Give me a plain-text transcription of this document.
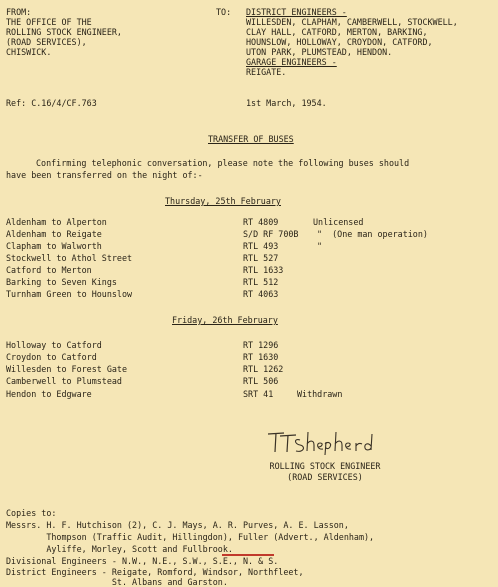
FROM:
THE OFFICE OF THE
ROLLING STOCK ENGINEER,
(ROAD SERVICES),
CHISWICK.
TO: DISTRICT ENGINEERS -
WILLESDEN, CLAPHAM, CAMBERWELL, STOCKWELL,
CLAY HALL, CATFORD, MERTON, BARKING,
HOUNSLOW, HOLLOWAY, CROYDON, CATFORD,
UTON PARK, PLUMSTEAD, HENDON.
GARAGE ENGINEERS -
REIGATE.
Ref: C.16/4/CF.763	1st March, 1954.
TRANSFER OF BUSES
Confirming telephonic conversation, please note the following buses should
have been transferred on the night of:-
Thursday, 25th February
Aldenham to Alperton	RT 4809	Unlicensed
Aldenham to Reigate	S/D RF 700B "  (One man operation)
Clapham to Walworth	RTL 493	"
Stockwell to Athol Street	RTL 527
Catford to Merton	RTL 1633
Barking to Seven Kings	RTL 512
Turnham Green to Hounslow	RT 4063
Friday, 26th February
Holloway to Catford	RT 1296
Croydon to Catford	RT 1630
Willesden to Forest Gate	RTL 1262
Camberwell to Plumstead	RTL 506
Hendon to Edgware	SRT 41	Withdrawn
ROLLING STOCK ENGINEER
(ROAD SERVICES)
Copies to:
Messrs. H. F. Hutchison (2), C. J. Mays, A. R. Purves, A. E. Lasson,
Thompson (Traffic Audit, Hillingdon), Fuller (Advert., Aldenham),
Ayliffe, Morley, Scott and Fullbrook.
Divisional Engineers - N.W., N.E., S.W., S.E., N. & S.
District Engineers - Reigate, Romford, Windsor, Northfleet,
St. Albans and Garston.
